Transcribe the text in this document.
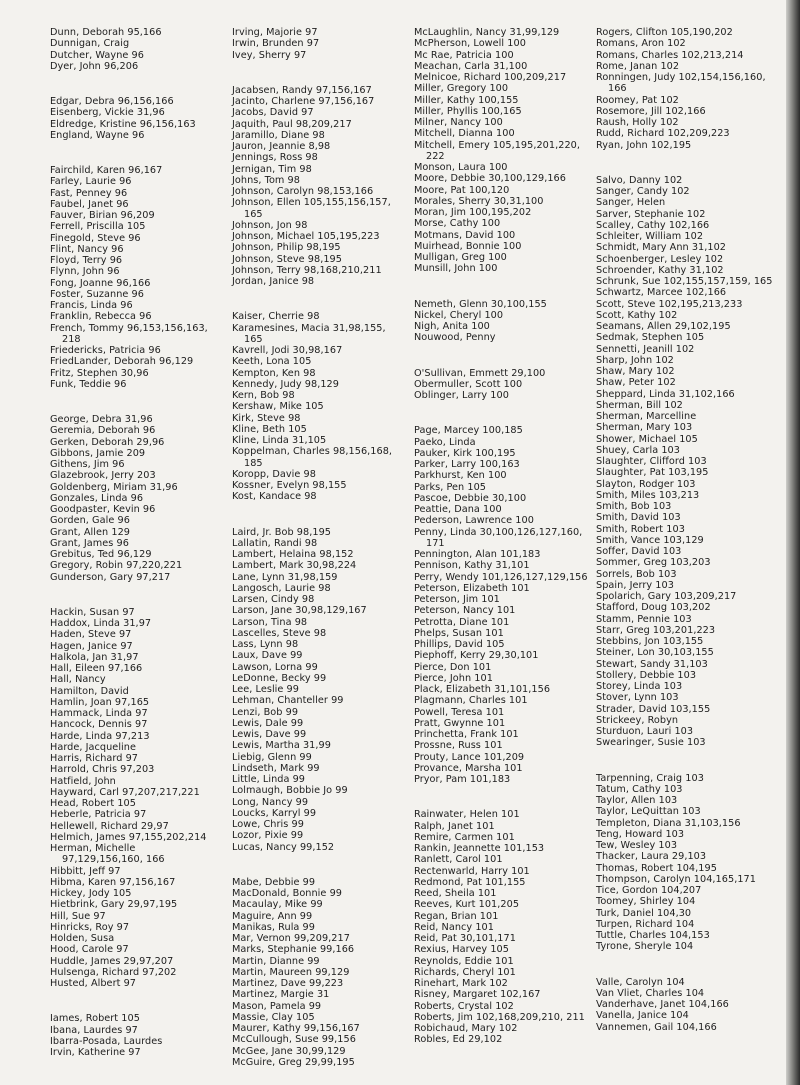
Dunn, Deborah 95,166
Dunnigan, Craig
Dutcher, Wayne 96
Dyer, John 96,206
Edgar, Debra 96,156,166
Eisenberg, Vickie 31,96
Eldredge, Kristine 96,156,163
England, Wayne 96
Fairchild, Karen 96,167
Farley, Laurie 96
Fast, Penney 96
Faubel, Janet 96
Fauver, Birian 96,209
Ferrell, Priscilla 105
Finegold, Steve 96
Flint, Nancy 96
Floyd, Terry 96
Flynn, John 96
Fong, Joanne 96,166
Foster, Suzanne 96
Francis, Linda 96
Franklin, Rebecca 96
French, Tommy 96,153,156,163, 218
Friedericks, Patricia 96
FriedLander, Deborah 96,129
Fritz, Stephen 30,96
Funk, Teddie 96
George, Debra 31,96
Geremia, Deborah 96
Gerken, Deborah 29,96
Gibbons, Jamie 209
Githens, Jim 96
Glazebrook, Jerry 203
Goldenberg, Miriam 31,96
Gonzales, Linda 96
Goodpaster, Kevin 96
Gorden, Gale 96
Grant, Allen 129
Grant, James 96
Grebitus, Ted 96,129
Gregory, Robin 97,220,221
Gunderson, Gary 97,217
Hackin, Susan 97
Haddox, Linda 31,97
Haden, Steve 97
Hagen, Janice 97
Halkola, Jan 31,97
Hall, Eileen 97,166
Hall, Nancy
Hamilton, David
Hamlin, Joan 97,165
Hammack, Linda 97
Hancock, Dennis 97
Harde, Linda 97,213
Harde, Jacqueline
Harris, Richard 97
Harrold, Chris 97,203
Hatfield, John
Hayward, Carl 97,207,217,221
Head, Robert 105
Heberle, Patricia 97
Hellewell, Richard 29,97
Helmich, James 97,155,202,214
Herman, Michelle 97,129,156,160, 166
Hibbitt, Jeff 97
Hibma, Karen 97,156,167
Hickey, Jody 105
Hietbrink, Gary 29,97,195
Hill, Sue 97
Hinricks, Roy 97
Holden, Susa
Hood, Carole 97
Huddle, James 29,97,207
Hulsenga, Richard 97,202
Husted, Albert 97
Iames, Robert 105
Ibana, Laurdes 97
Ibarra-Posada, Laurdes
Irvin, Katherine 97
Irving, Majorie 97
Irwin, Brunden 97
Ivey, Sherry 97
Jacabsen, Randy 97,156,167
Jacinto, Charlene 97,156,167
Jacobs, David 97
Jaquith, Paul 98,209,217
Jaramillo, Diane 98
Jauron, Jeannie 8,98
Jennings, Ross 98
Jernigan, Tim 98
Johns, Tom 98
Johnson, Carolyn 98,153,166
Johnson, Ellen 105,155,156,157, 165
Johnson, Jon 98
Johnson, Michael 105,195,223
Johnson, Philip 98,195
Johnson, Steve 98,195
Johnson, Terry 98,168,210,211
Jordan, Janice 98
Kaiser, Cherrie 98
Karamesines, Macia 31,98,155, 165
Kavrell, Jodi 30,98,167
Keeth, Lona 105
Kempton, Ken 98
Kennedy, Judy 98,129
Kern, Bob 98
Kershaw, Mike 105
Kirk, Steve 98
Kline, Beth 105
Kline, Linda 31,105
Koppelman, Charles 98,156,168, 185
Koropp, Davie 98
Kossner, Evelyn 98,155
Kost, Kandace 98
Laird, Jr. Bob 98,195
Lallatin, Randi 98
Lambert, Helaina 98,152
Lambert, Mark 30,98,224
Lane, Lynn 31,98,159
Langosch, Laurie 98
Larsen, Cindy 98
Larson, Jane 30,98,129,167
Larson, Tina 98
Lascelles, Steve 98
Lass, Lynn 98
Laux, Dave 99
Lawson, Lorna 99
LeDonne, Becky 99
Lee, Leslie 99
Lehman, Chanteller 99
Lenzi, Bob 99
Lewis, Dale 99
Lewis, Dave 99
Lewis, Martha 31,99
Liebig, Glenn 99
Lindseth, Mark 99
Little, Linda 99
Lolmaugh, Bobbie Jo 99
Long, Nancy 99
Loucks, Karryl 99
Lowe, Chris 99
Lozor, Pixie 99
Lucas, Nancy 99,152
Mabe, Debbie 99
MacDonald, Bonnie 99
Macaulay, Mike 99
Maguire, Ann 99
Manikas, Rula 99
Mar, Vernon 99,209,217
Marks, Stephanie 99,166
Martin, Dianne 99
Martin, Maureen 99,129
Martinez, Dave 99,223
Martinez, Margie 31
Mason, Pamela 99
Massie, Clay 105
Maurer, Kathy 99,156,167
McCullough, Suse 99,156
McGee, Jane 30,99,129
McGuire, Greg 29,99,195
McLaughlin, Nancy 31,99,129
McPherson, Lowell 100
Mc Rae, Patricia 100
Meachan, Carla 31,100
Melnicoe, Richard 100,209,217
Miller, Gregory 100
Miller, Kathy 100,155
Miller, Phyllis 100,165
Milner, Nancy 100
Mitchell, Dianna 100
Mitchell, Emery 105,195,201,220, 222
Monson, Laura 100
Moore, Debbie 30,100,129,166
Moore, Pat 100,120
Morales, Sherry 30,31,100
Moran, Jim 100,195,202
Morse, Cathy 100
Motmans, David 100
Muirhead, Bonnie 100
Mulligan, Greg 100
Munsill, John 100
Nemeth, Glenn 30,100,155
Nickel, Cheryl 100
Nigh, Anita 100
Nouwood, Penny
O'Sullivan, Emmett 29,100
Obermuller, Scott 100
Oblinger, Larry 100
Page, Marcey 100,185
Paeko, Linda
Pauker, Kirk 100,195
Parker, Larry 100,163
Parkhurst, Ken 100
Parks, Pen 105
Pascoe, Debbie 30,100
Peattie, Dana 100
Pederson, Lawrence 100
Penny, Linda 30,100,126,127,160, 171
Pennington, Alan 101,183
Pennison, Kathy 31,101
Perry, Wendy 101,126,127,129,156
Peterson, Elizabeth 101
Peterson, Jim 101
Peterson, Nancy 101
Petrotta, Diane 101
Phelps, Susan 101
Phillips, David 105
Piephoff, Kerry 29,30,101
Pierce, Don 101
Pierce, John 101
Plack, Elizabeth 31,101,156
Plagmann, Charles 101
Powell, Teresa 101
Pratt, Gwynne 101
Princhetta, Frank 101
Prossne, Russ 101
Prouty, Lance 101,209
Provance, Marsha 101
Pryor, Pam 101,183
Rainwater, Helen 101
Ralph, Janet 101
Remire, Carmen 101
Rankin, Jeannette 101,153
Ranlett, Carol 101
Rectenwarld, Harry 101
Redmond, Pat 101,155
Reed, Sheila 101
Reeves, Kurt 101,205
Regan, Brian 101
Reid, Nancy 101
Reid, Pat 30,101,171
Rexius, Harvey 105
Reynolds, Eddie 101
Richards, Cheryl 101
Rinehart, Mark 102
Risney, Margaret 102,167
Roberts, Crystal 102
Roberts, Jim 102,168,209,210, 211
Robichaud, Mary 102
Robles, Ed 29,102
Rogers, Clifton 105,190,202
Romans, Aron 102
Romans, Charles 102,213,214
Rome, Janan 102
Ronningen, Judy 102,154,156,160, 166
Roomey, Pat 102
Rosemore, Jill 102,166
Raush, Holly 102
Rudd, Richard 102,209,223
Ryan, John 102,195
Salvo, Danny 102
Sanger, Candy 102
Sanger, Helen
Sarver, Stephanie 102
Scalley, Cathy 102,166
Schleiter, William 102
Schmidt, Mary Ann 31,102
Schoenberger, Lesley 102
Schroender, Kathy 31,102
Schrunk, Sue 102,155,157,159, 165
Schwartz, Marcee 102,166
Scott, Steve 102,195,213,233
Scott, Kathy 102
Seamans, Allen 29,102,195
Sedmak, Stephen 105
Sennetti, Jeanill 102
Sharp, John 102
Shaw, Mary 102
Shaw, Peter 102
Sheppard, Linda 31,102,166
Sherman, Bill 102
Sherman, Marcelline
Sherman, Mary 103
Shower, Michael 105
Shuey, Carla 103
Slaughter, Clifford 103
Slaughter, Pat 103,195
Slayton, Rodger 103
Smith, Miles 103,213
Smith, Bob 103
Smith, David 103
Smith, Robert 103
Smith, Vance 103,129
Soffer, David 103
Sommer, Greg 103,203
Sorrels, Bob 103
Spain, Jerry 103
Spolarich, Gary 103,209,217
Stafford, Doug 103,202
Stamm, Pennie 103
Starr, Greg 103,201,223
Stebbins, Jon 103,155
Steiner, Lon 30,103,155
Stewart, Sandy 31,103
Stollery, Debbie 103
Storey, Linda 103
Stover, Lynn 103
Strader, David 103,155
Strickeey, Robyn
Sturduon, Lauri 103
Swearinger, Susie 103
Tarpenning, Craig 103
Tatum, Cathy 103
Taylor, Allen 103
Taylor, LeQuittan 103
Templeton, Diana 31,103,156
Teng, Howard 103
Tew, Wesley 103
Thacker, Laura 29,103
Thomas, Robert 104,195
Thompson, Carolyn 104,165,171
Tice, Gordon 104,207
Toomey, Shirley 104
Turk, Daniel 104,30
Turpen, Richard 104
Tuttle, Charles 104,153
Tyrone, Sheryle 104
Valle, Carolyn 104
Van Vliet, Charles 104
Vanderhave, Janet 104,166
Vanella, Janice 104
Vannemen, Gail 104,166
